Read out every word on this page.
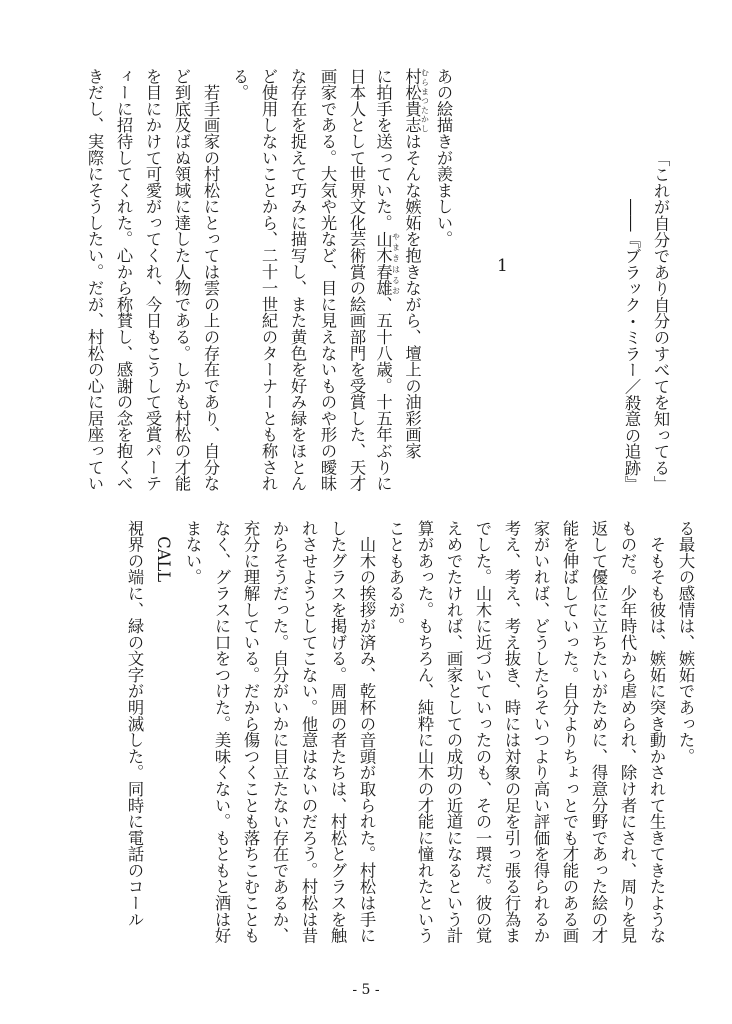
「これが自分であり自分のすべてを知ってる」
――『ブラック・ミラー／殺意の追跡』
1
あの絵描きが羨ましい。
村松貴志 むらまつたかしはそんな嫉妬を抱きながら、壇上の油彩画家
に拍手を送っていた。山木春雄 やまきはるお、五十八歳。十五年ぶりに
日本人として世界文化芸術賞の絵画部門を受賞した、天才
画家である。大気や光など、目に見えないものや形の曖昧
な存在を捉えて巧みに描写し、また黄色を好み緑をほとん
ど使用しないことから、二十一世紀のターナーとも称され
る。
　若手画家の村松にとっては雲の上の存在であり、自分な
ど到底及ばぬ領域に達した人物である。しかも村松の才能
を目にかけて可愛がってくれ、今日もこうして受賞パーテ
ィーに招待してくれた。心から称賛し、感謝の念を抱くべ
きだし、実際にそうしたい。だが、村松の心に居座ってい
る最大の感情は、嫉妬であった。
　そもそも彼は、嫉妬に突き動かされて生きてきたような
ものだ。少年時代から虐められ、除け者にされ、周りを見
返して優位に立ちたいがために、得意分野であった絵の才
能を伸ばしていった。自分よりちょっとでも才能のある画
家がいれば、どうしたらそいつより高い評価を得られるか
考え、考え、考え抜き、時には対象の足を引っ張る行為ま
でした。山木に近づいていったのも、その一環だ。彼の覚
えめでたければ、画家としての成功の近道になるという計
算があった。もちろん、純粋に山木の才能に憧れたという
こともあるが。
　山木の挨拶が済み、乾杯の音頭が取られた。村松は手に
したグラスを掲げる。周囲の者たちは、村松とグラスを触
れさせようとしてこない。他意はないのだろう。村松は昔
からそうだった。自分がいかに目立たない存在であるか、
充分に理解している。だから傷つくことも落ちこむことも
なく、グラスに口をつけた。美味くない。もともと酒は好
まない。
　CALL
視界の端に、緑の文字が明滅した。同時に電話のコール
- 5 -
